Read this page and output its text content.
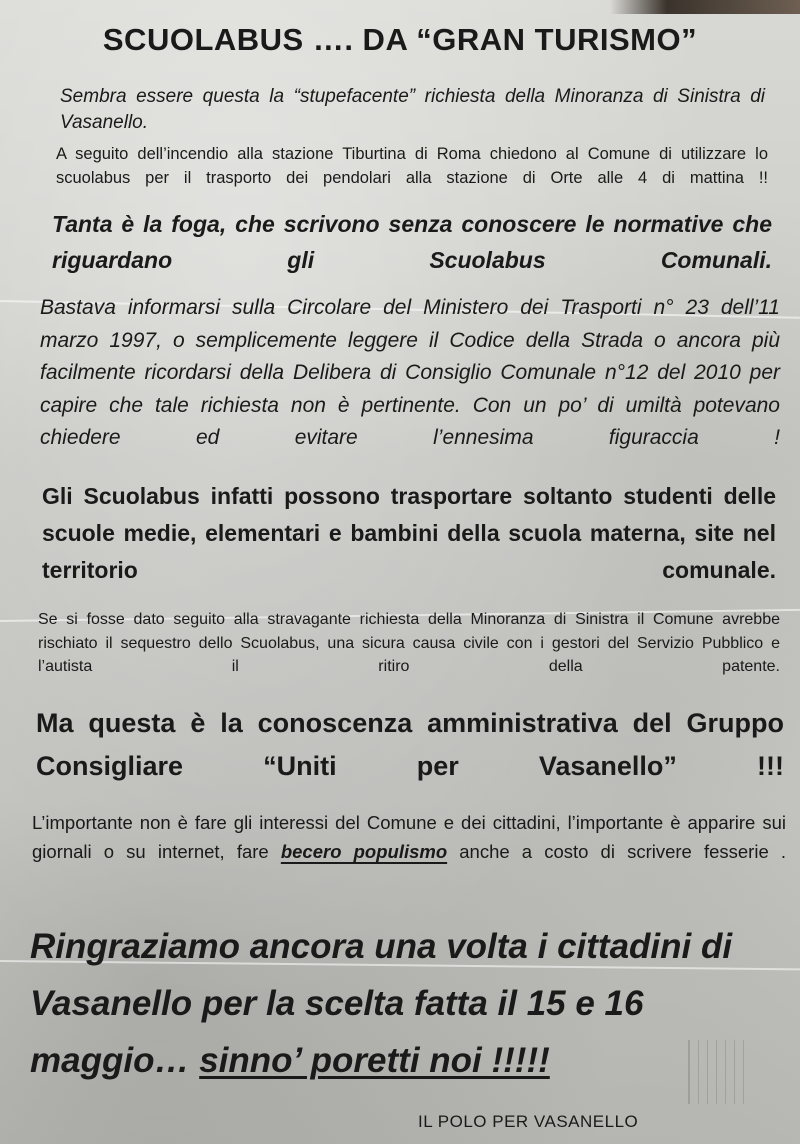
SCUOLABUS …. DA “GRAN TURISMO”
Sembra essere questa la “stupefacente” richiesta della Minoranza di Sinistra di Vasanello.
A seguito dell’incendio alla stazione Tiburtina di Roma chiedono al Comune di utilizzare lo scuolabus per il trasporto dei pendolari alla stazione di Orte alle 4 di mattina !!
Tanta è la foga, che scrivono senza conoscere le normative che riguardano gli Scuolabus Comunali.
Bastava informarsi sulla Circolare del Ministero dei Trasporti n° 23 dell’11 marzo 1997, o semplicemente leggere il Codice della Strada o ancora più facilmente ricordarsi della Delibera di Consiglio Comunale n°12 del 2010 per capire che tale richiesta non è pertinente. Con un po’ di umiltà potevano chiedere ed evitare l’ennesima figuraccia !
Gli Scuolabus infatti possono trasportare soltanto studenti delle scuole medie, elementari e bambini della scuola materna, site nel territorio comunale.
Se si fosse dato seguito alla stravagante richiesta della Minoranza di Sinistra il Comune avrebbe rischiato il sequestro dello Scuolabus, una sicura causa civile con i gestori del Servizio Pubblico e l’autista il ritiro della patente.
Ma questa è la conoscenza amministrativa del Gruppo Consigliare “Uniti per Vasanello” !!!
L’importante non è fare gli interessi del Comune e dei cittadini, l’importante è apparire sui giornali o su internet, fare becero populismo anche a costo di scrivere fesserie .
Ringraziamo ancora una volta i cittadini di Vasanello per la scelta fatta il 15 e 16 maggio… sinno’ poretti noi !!!!!
IL POLO PER VASANELLO
